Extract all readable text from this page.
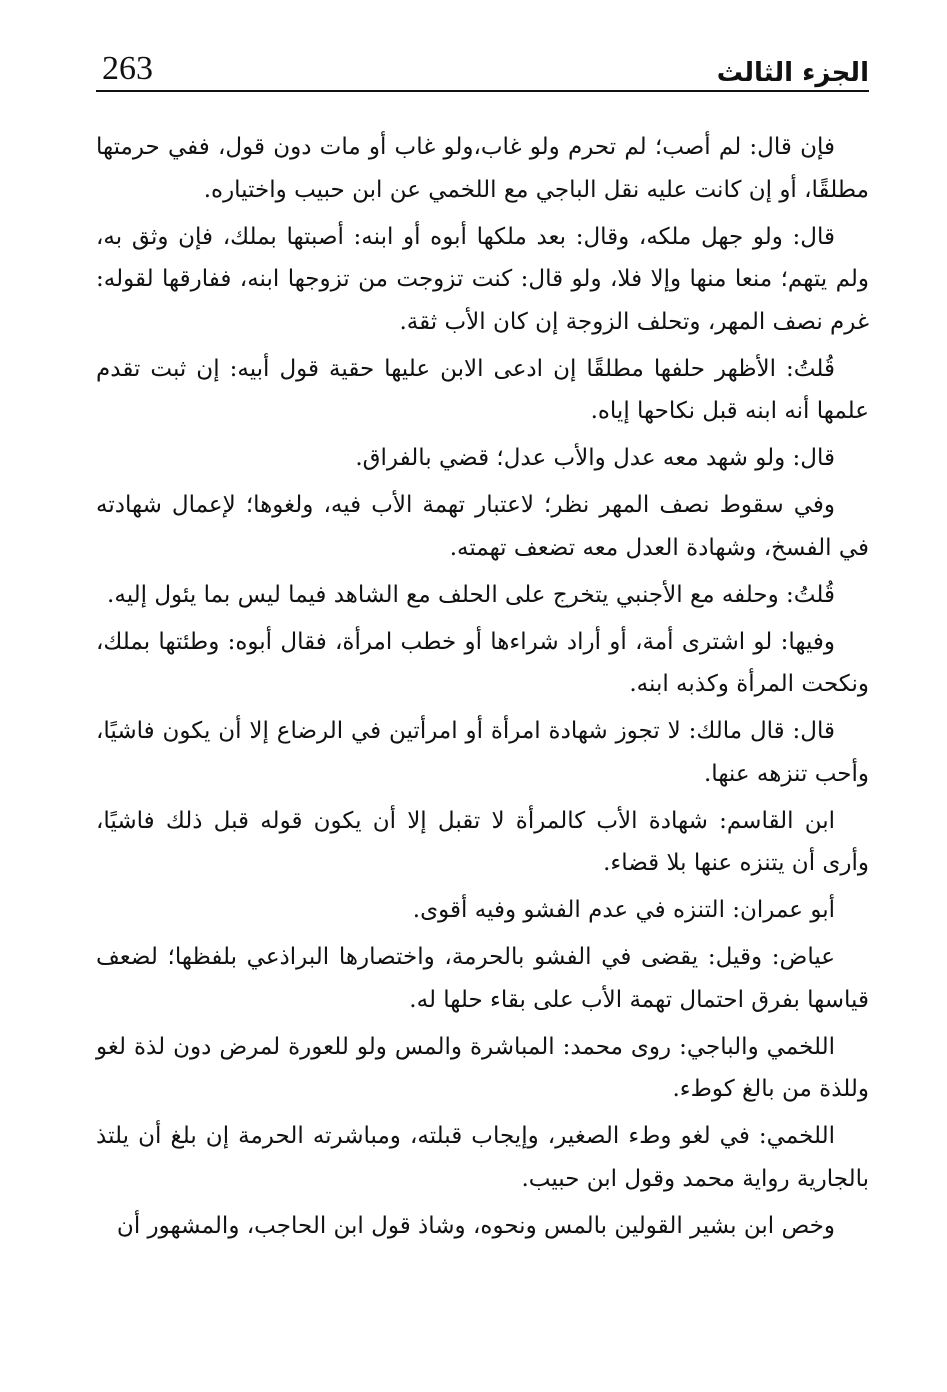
263	الجزء الثالث

فإن قال: لم أصب؛ لم تحرم ولو غاب،ولو غاب أو مات دون قول، ففي حرمتها مطلقًا، أو إن كانت عليه نقل الباجي مع اللخمي عن ابن حبيب واختياره.

قال: ولو جهل ملكه، وقال: بعد ملكها أبوه أو ابنه: أصبتها بملك، فإن وثق به، ولم يتهم؛ منعا منها وإلا فلا، ولو قال: كنت تزوجت من تزوجها ابنه، ففارقها لقوله: غرم نصف المهر، وتحلف الزوجة إن كان الأب ثقة.

قُلتُ: الأظهر حلفها مطلقًا إن ادعى الابن عليها حقية قول أبيه: إن ثبت تقدم علمها أنه ابنه قبل نكاحها إياه.

قال: ولو شهد معه عدل والأب عدل؛ قضي بالفراق.

وفي سقوط نصف المهر نظر؛ لاعتبار تهمة الأب فيه، ولغوها؛ لإعمال شهادته في الفسخ، وشهادة العدل معه تضعف تهمته.

قُلتُ: وحلفه مع الأجنبي يتخرج على الحلف مع الشاهد فيما ليس بما يئول إليه.

وفيها: لو اشترى أمة، أو أراد شراءها أو خطب امرأة، فقال أبوه: وطئتها بملك، ونكحت المرأة وكذبه ابنه.

قال: قال مالك: لا تجوز شهادة امرأة أو امرأتين في الرضاع إلا أن يكون فاشيًا، وأحب تنزهه عنها.

ابن القاسم: شهادة الأب كالمرأة لا تقبل إلا أن يكون قوله قبل ذلك فاشيًا، وأرى أن يتنزه عنها بلا قضاء.

أبو عمران: التنزه في عدم الفشو وفيه أقوى.

عياض: وقيل: يقضى في الفشو بالحرمة، واختصارها البراذعي بلفظها؛ لضعف قياسها بفرق احتمال تهمة الأب على بقاء حلها له.

اللخمي والباجي: روى محمد: المباشرة والمس ولو للعورة لمرض دون لذة لغو وللذة من بالغ كوطء.

اللخمي: في لغو وطء الصغير، وإيجاب قبلته، ومباشرته الحرمة إن بلغ أن يلتذ بالجارية رواية محمد وقول ابن حبيب.

وخص ابن بشير القولين بالمس ونحوه، وشاذ قول ابن الحاجب، والمشهور أن
